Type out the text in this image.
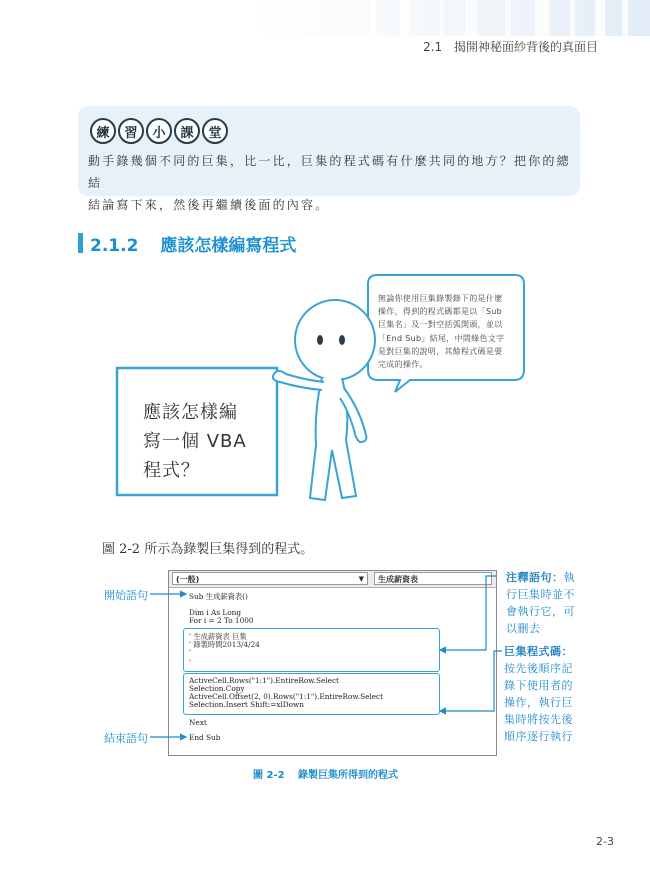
2.1 揭開神秘面紗背後的真面目
練	習	小	課	堂
動手錄幾個不同的巨集，比一比，巨集的程式碼有什麼共同的地方？把你的總結
結論寫下來，然後再繼續後面的內容。
2.1.2 應該怎樣編寫程式
應該怎樣編
寫一個 VBA
程式？
無論你使用巨集錄製錄下的是什麼
操作，得到的程式碼都是以「Sub
巨集名」及一對空括弧開頭，並以
「End Sub」結尾，中間綠色文字
是對巨集的說明，其餘程式碼是要
完成的操作。
圖 2-2 所示為錄製巨集得到的程式。
(一般)	▼	生成薪資表
Sub 生成薪資表()
Dim i As Long
For i = 2 To 1000
' 生成薪資表 巨集
' 錄製時間2013/4/24
'
'
ActiveCell.Rows("1:1").EntireRow.Select
Selection.Copy
ActiveCell.Offset(2, 0).Rows("1:1").EntireRow.Select
Selection.Insert Shift:=xlDown
Next
End Sub
開始語句
結束語句
注釋語句：執
行巨集時並不
會執行它，可
以刪去
巨集程式碼：
按先後順序記
錄下使用者的
操作，執行巨
集時將按先後
順序逐行執行
圖 2-2 錄製巨集所得到的程式
2-3
